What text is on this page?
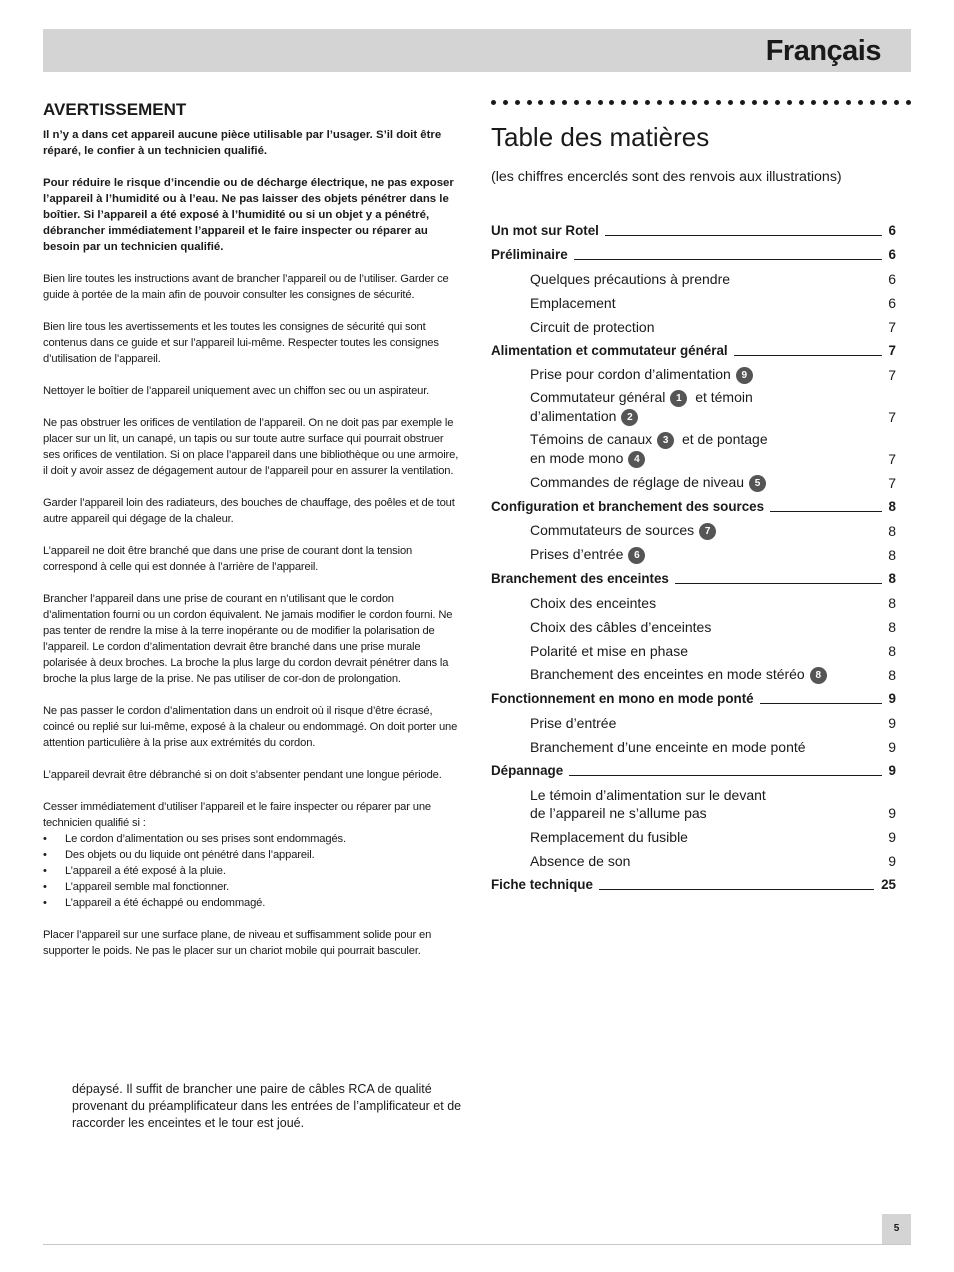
Français
AVERTISSEMENT

Il n’y a dans cet appareil aucune pièce utilisable par l’usager. S’il doit être réparé, le confier à un technicien qualifié.

Pour réduire le risque d’incendie ou de décharge électrique, ne pas exposer l’appareil à l’humidité ou à l’eau. Ne pas laisser des objets pénétrer dans le boîtier. Si l’appareil a été exposé à l’humidité ou si un objet y a pénétré, débrancher immédiatement l’appareil et le faire inspecter ou réparer au besoin par un technicien qualifié.

Bien lire toutes les instructions avant de brancher l’appareil ou de l’utiliser. Garder ce guide à portée de la main afin de pouvoir consulter les consignes de sécurité.

Bien lire tous les avertissements et les toutes les consignes de sécurité qui sont contenus dans ce guide et sur l’appareil lui-même. Respecter toutes les consignes d’utilisation de l’appareil.

Nettoyer le boîtier de l’appareil uniquement avec un chiffon sec ou un aspirateur.

Ne pas obstruer les orifices de ventilation de l’appareil. On ne doit pas par exemple le placer sur un lit, un canapé, un tapis ou sur toute autre surface qui pourrait obstruer ses orifices de ventilation. Si on place l’appareil dans une bibliothèque ou une armoire, il doit y avoir assez de dégagement autour de l’appareil pour en assurer la ventilation.

Garder l’appareil loin des radiateurs, des bouches de chauffage, des poêles et de tout autre appareil qui dégage de la chaleur.

L’appareil ne doit être branché que dans une prise de courant dont la tension correspond à celle qui est donnée à l’arrière de l’appareil.

Brancher l’appareil dans une prise de courant en n’utilisant que le cordon d’alimentation fourni ou un cordon équivalent. Ne jamais modifier le cordon fourni. Ne pas tenter de rendre la mise à la terre inopérante ou de modifier la polarisation de l’appareil. Le cordon d’alimentation devrait être branché dans une prise murale polarisée à deux broches. La broche la plus large du cordon devrait pénétrer dans la broche la plus large de la prise. Ne pas utiliser de cor-don de prolongation.

Ne pas passer le cordon d’alimentation dans un endroit où il risque d’être écrasé, coincé ou replié sur lui-même, exposé à la chaleur ou endommagé. On doit porter une attention particulière à la prise aux extrémités du cordon.

L’appareil devrait être débranché si on doit s’absenter pendant une longue période.

Cesser immédiatement d’utiliser l’appareil et le faire inspecter ou réparer par une technicien qualifié si :

• Le cordon d’alimentation ou ses prises sont endommagés.
• Des objets ou du liquide ont pénétré dans l’appareil.
• L’appareil a été exposé à la pluie.
• L’appareil semble mal fonctionner.
• L’appareil a été échappé ou endommagé.

Placer l’appareil sur une surface plane, de niveau et suffisamment solide pour en supporter le poids. Ne pas le placer sur un chariot mobile qui pourrait basculer.

dépaysé. Il suffit de brancher une paire de câbles RCA de qualité provenant du préamplificateur dans les entrées de l’amplificateur et de raccorder les enceintes et le tour est joué.

Table des matières

(les chiffres encerclés sont des renvois aux illustrations)

Un mot sur Rotel	6
Préliminaire	6
Quelques précautions à prendre	6
Emplacement	6
Circuit de protection	7
Alimentation et commutateur général	7
Prise pour cordon d’alimentation 9	7
Commutateur général 1 et témoin
d’alimentation 2	7
Témoins de canaux 3 et de pontage
en mode mono 4	7
Commandes de réglage de niveau 5	7
Configuration et branchement des sources	8
Commutateurs de sources 7	8
Prises d’entrée 6	8
Branchement des enceintes	8
Choix des enceintes	8
Choix des câbles d’enceintes	8
Polarité et mise en phase	8
Branchement des enceintes en mode stéréo 8	8
Fonctionnement en mono en mode ponté	9
Prise d’entrée	9
Branchement d’une enceinte en mode ponté	9
Dépannage	9
Le témoin d’alimentation sur le devant
de l’appareil ne s’allume pas	9
Remplacement du fusible	9
Absence de son	9
Fiche technique	25
5
